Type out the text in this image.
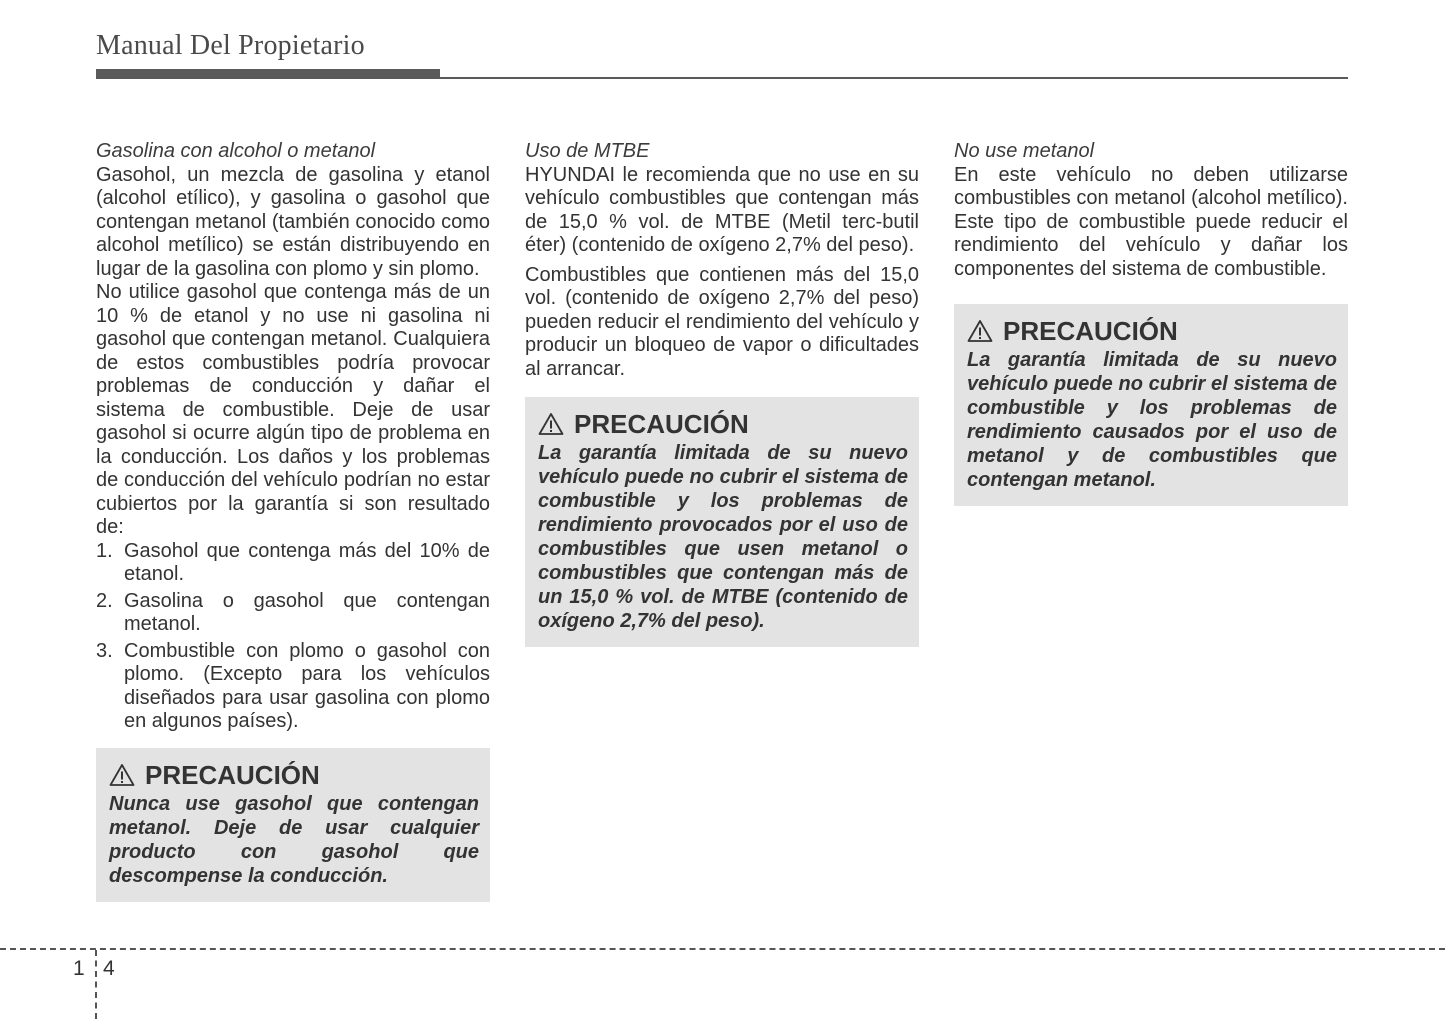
Manual Del Propietario
Gasolina con alcohol o metanol

Gasohol, un mezcla de gasolina y etanol (alcohol etílico), y gasolina o gasohol que contengan metanol (también conocido como alcohol metílico) se están distribuyendo en lugar de la gasolina con plomo y sin plomo.

No utilice gasohol que contenga más de un 10 % de etanol y no use ni gasolina ni gasohol que contengan metanol. Cualquiera de estos combustibles podría provocar problemas de conducción y dañar el sistema de combustible. Deje de usar gasohol si ocurre algún tipo de problema en la conducción. Los daños y los problemas de conducción del vehículo podrían no estar cubiertos por la garantía si son resultado de:

1. Gasohol que contenga más del 10% de etanol.
2. Gasolina o gasohol que contengan metanol.
3. Combustible con plomo o gasohol con plomo. (Excepto para los vehículos diseñados para usar gasolina con plomo en algunos países).
PRECAUCIÓN
Nunca use gasohol que contengan metanol. Deje de usar cualquier producto con gasohol que descompense la conducción.
Uso de MTBE

HYUNDAI le recomienda que no use en su vehículo combustibles que contengan más de 15,0 % vol. de MTBE (Metil terc-butil éter) (contenido de oxígeno 2,7% del peso).

Combustibles que contienen más del 15,0 vol. (contenido de oxígeno 2,7% del peso) pueden reducir el rendimiento del vehículo y producir un bloqueo de vapor o dificultades al arrancar.

PRECAUCIÓN
La garantía limitada de su nuevo vehículo puede no cubrir el sistema de combustible y los problemas de rendimiento provocados por el uso de combustibles que usen metanol o combustibles que contengan más de un 15,0 % vol. de MTBE (contenido de oxígeno 2,7% del peso).
No use metanol

En este vehículo no deben utilizarse combustibles con metanol (alcohol metílico). Este tipo de combustible puede reducir el rendimiento del vehículo y dañar los componentes del sistema de combustible.

PRECAUCIÓN
La garantía limitada de su nuevo vehículo puede no cubrir el sistema de combustible y los problemas de rendimiento causados por el uso de metanol y de combustibles que contengan metanol.
1 4
